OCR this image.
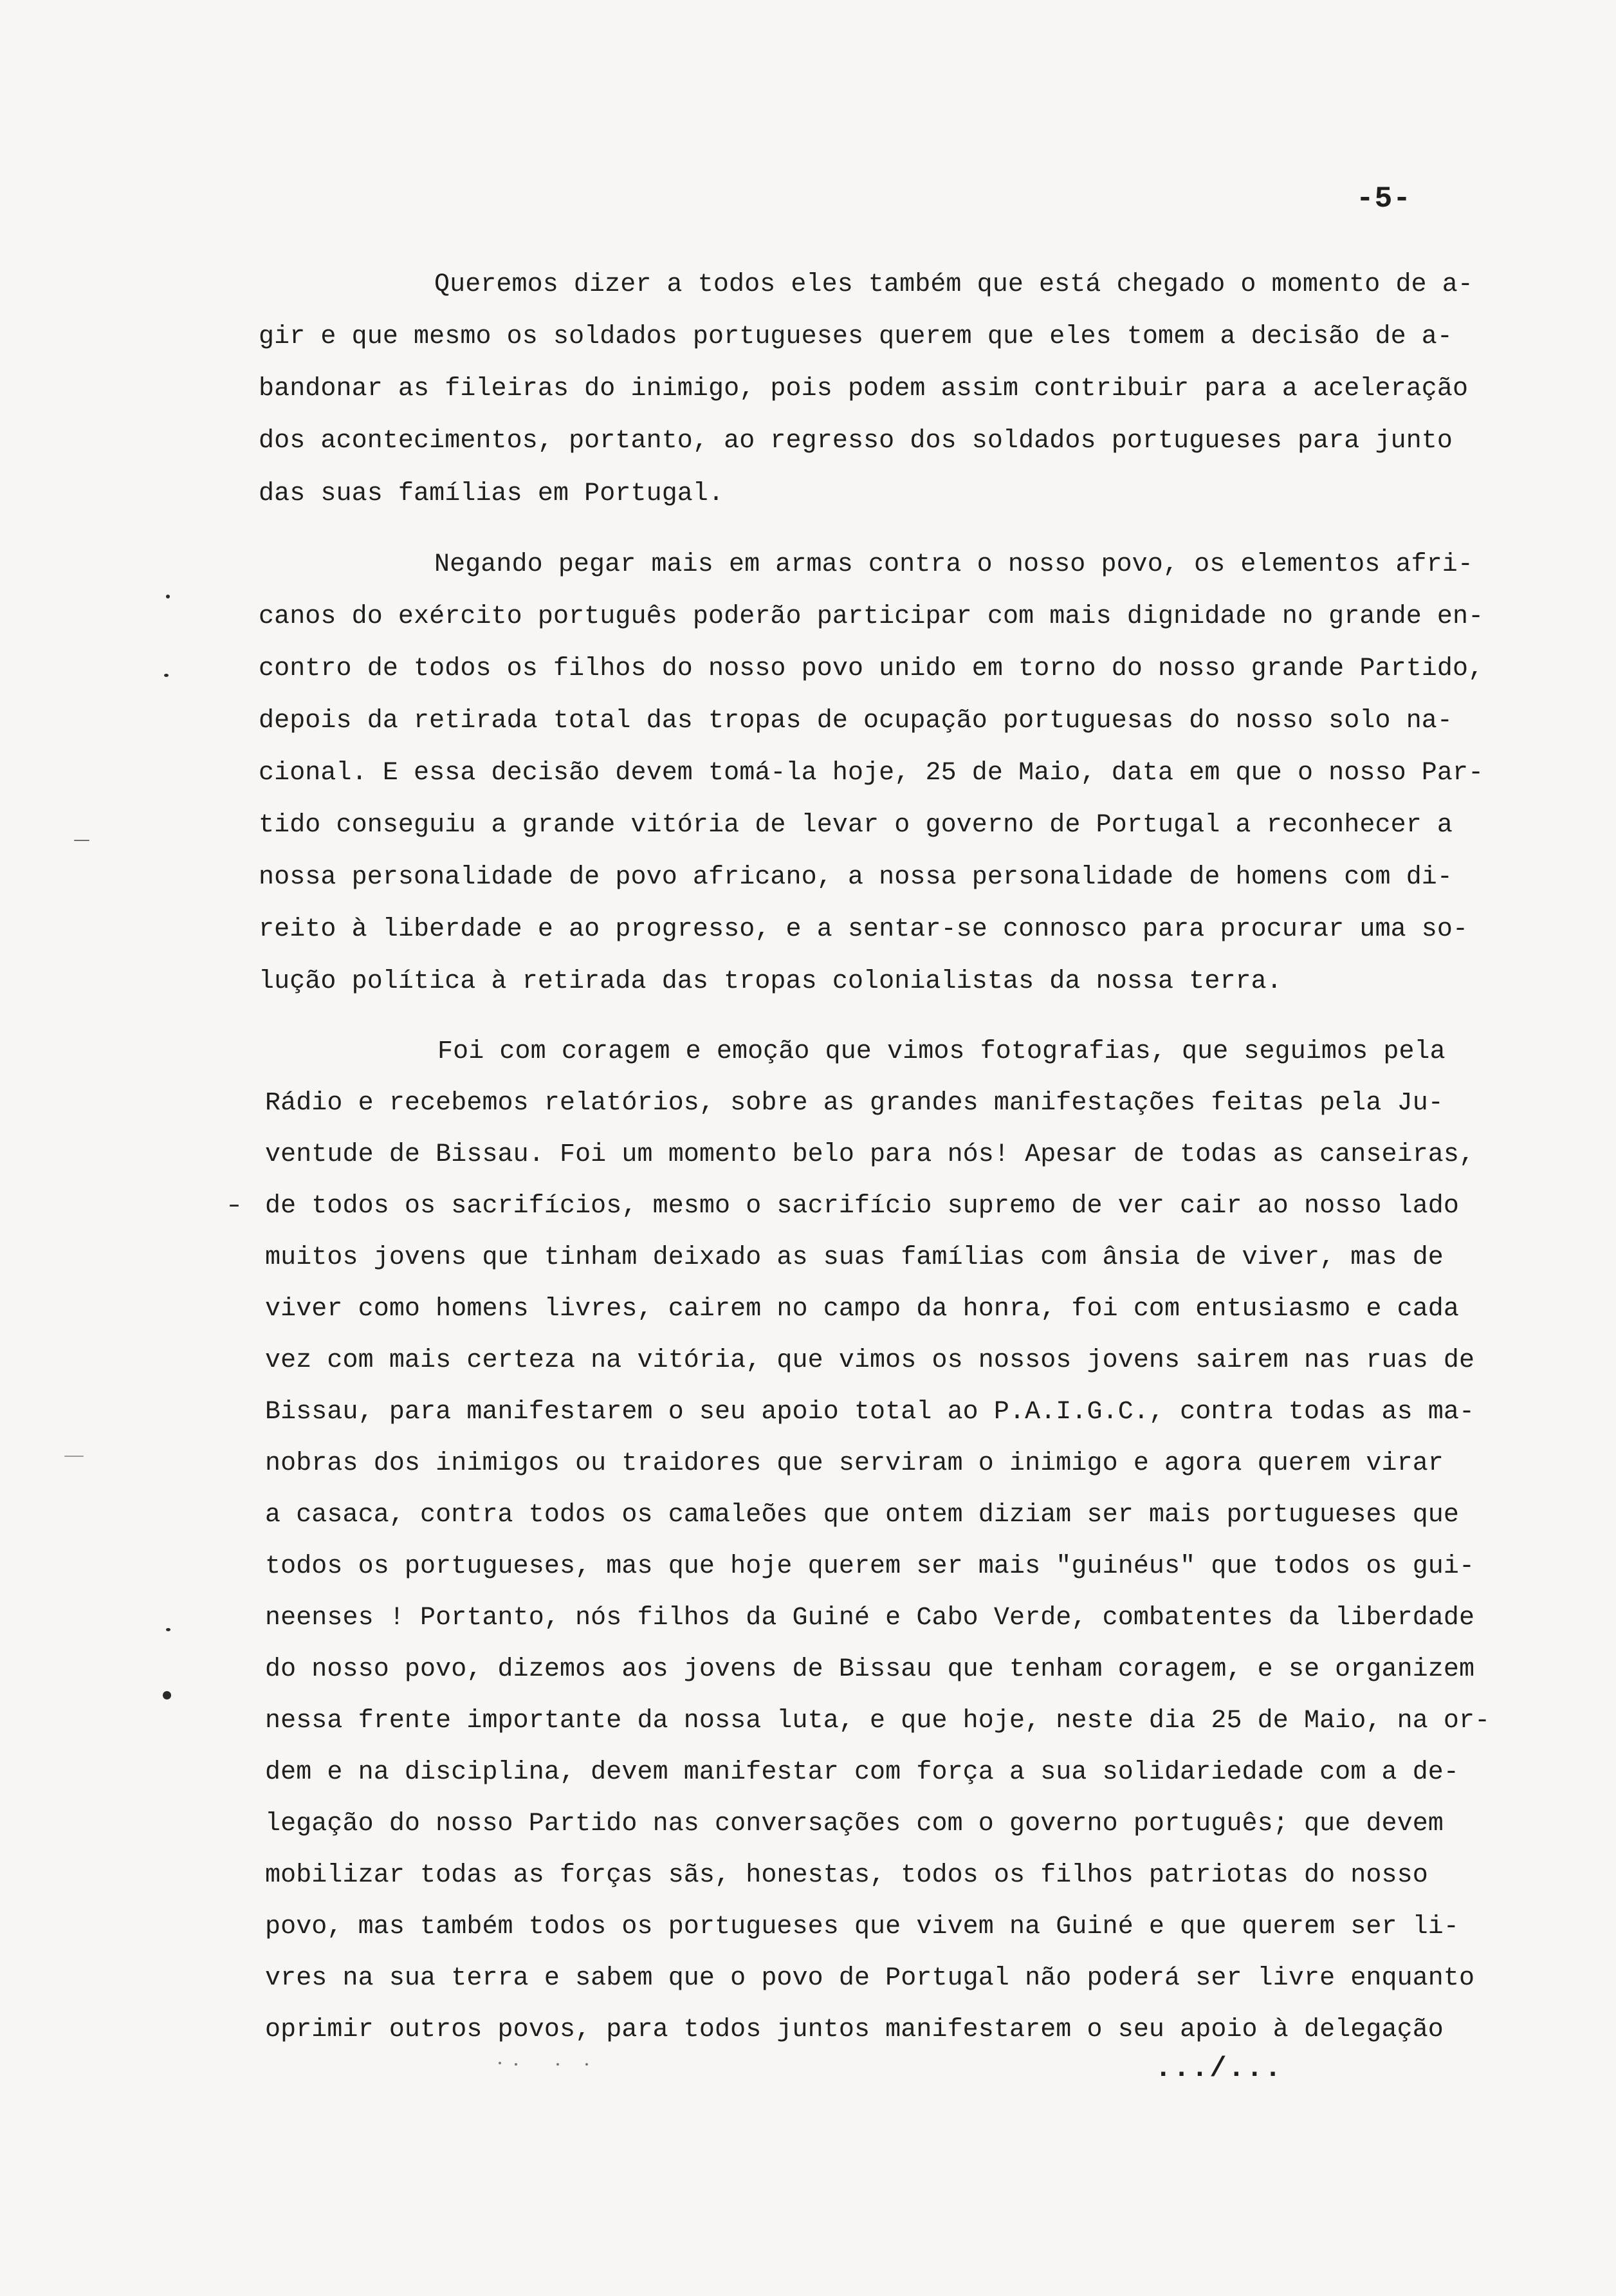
-5-
Queremos dizer a todos eles também que está chegado o momento de a-
gir e que mesmo os soldados portugueses querem que eles tomem a decisão de a-
bandonar as fileiras do inimigo, pois podem assim contribuir para a aceleração
dos acontecimentos, portanto, ao regresso dos soldados portugueses para junto
das suas famílias em Portugal.
Negando pegar mais em armas contra o nosso povo, os elementos afri-
canos do exército português poderão participar com mais dignidade no grande en-
contro de todos os filhos do nosso povo unido em torno do nosso grande Partido,
depois da retirada total das tropas de ocupação portuguesas do nosso solo na-
cional. E essa decisão devem tomá-la hoje, 25 de Maio, data em que o nosso Par-
tido conseguiu a grande vitória de levar o governo de Portugal a reconhecer a
nossa personalidade de povo africano, a nossa personalidade de homens com di-
reito à liberdade e ao progresso, e a sentar-se connosco para procurar uma so-
lução política à retirada das tropas colonialistas da nossa terra.
Foi com coragem e emoção que vimos fotografias, que seguimos pela
Rádio e recebemos relatórios, sobre as grandes manifestações feitas pela Ju-
ventude de Bissau. Foi um momento belo para nós! Apesar de todas as canseiras,
de todos os sacrifícios, mesmo o sacrifício supremo de ver cair ao nosso lado
muitos jovens que tinham deixado as suas famílias com ânsia de viver, mas de
viver como homens livres, cairem no campo da honra, foi com entusiasmo e cada
vez com mais certeza na vitória, que vimos os nossos jovens sairem nas ruas de
Bissau, para manifestarem o seu apoio total ao P.A.I.G.C., contra todas as ma-
nobras dos inimigos ou traidores que serviram o inimigo e agora querem virar
a casaca, contra todos os camaleões que ontem diziam ser mais portugueses que
todos os portugueses, mas que hoje querem ser mais "guinéus" que todos os gui-
neenses ! Portanto, nós filhos da Guiné e Cabo Verde, combatentes da liberdade
do nosso povo, dizemos aos jovens de Bissau que tenham coragem, e se organizem
nessa frente importante da nossa luta, e que hoje, neste dia 25 de Maio, na or-
dem e na disciplina, devem manifestar com força a sua solidariedade com a de-
legação do nosso Partido nas conversações com o governo português; que devem
mobilizar todas as forças sãs, honestas, todos os filhos patriotas do nosso
povo, mas também todos os portugueses que vivem na Guiné e que querem ser li-
vres na sua terra e sabem que o povo de Portugal não poderá ser livre enquanto
oprimir outros povos, para todos juntos manifestarem o seu apoio à delegação
.../...
